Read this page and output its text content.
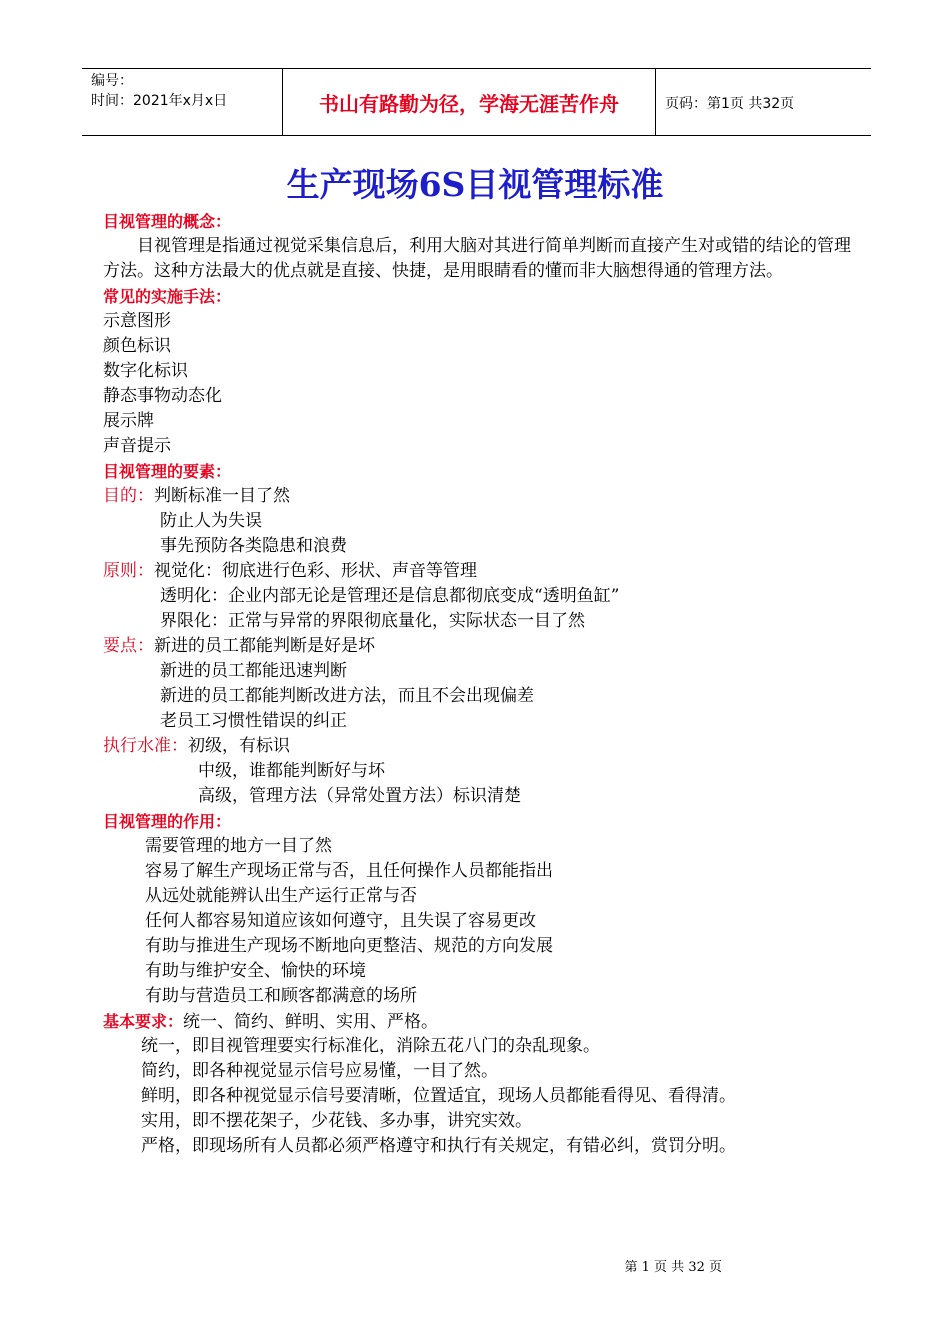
编号：
时间：2021年x月x日	书山有路勤为径，学海无涯苦作舟	页码：第1页 共32页
生产现场6S目视管理标准
目视管理的概念：
目视管理是指通过视觉采集信息后，利用大脑对其进行简单判断而直接产生对或错的结论的管理方法。这种方法最大的优点就是直接、快捷，是用眼睛看的懂而非大脑想得通的管理方法。
常见的实施手法：
示意图形
颜色标识
数字化标识
静态事物动态化
展示牌
声音提示
目视管理的要素：
目的：判断标准一目了然
防止人为失误
事先预防各类隐患和浪费
原则：视觉化：彻底进行色彩、形状、声音等管理
透明化：企业内部无论是管理还是信息都彻底变成“透明鱼缸”
界限化：正常与异常的界限彻底量化，实际状态一目了然
要点：新进的员工都能判断是好是坏
新进的员工都能迅速判断
新进的员工都能判断改进方法，而且不会出现偏差
老员工习惯性错误的纠正
执行水准：初级，有标识
中级，谁都能判断好与坏
高级，管理方法（异常处置方法）标识清楚
目视管理的作用：
需要管理的地方一目了然
容易了解生产现场正常与否，且任何操作人员都能指出
从远处就能辨认出生产运行正常与否
任何人都容易知道应该如何遵守，且失误了容易更改
有助与推进生产现场不断地向更整洁、规范的方向发展
有助与维护安全、愉快的环境
有助与营造员工和顾客都满意的场所
基本要求：统一、简约、鲜明、实用、严格。
统一，即目视管理要实行标准化，消除五花八门的杂乱现象。
简约，即各种视觉显示信号应易懂，一目了然。
鲜明，即各种视觉显示信号要清晰，位置适宜，现场人员都能看得见、看得清。
实用，即不摆花架子，少花钱、多办事，讲究实效。
严格，即现场所有人员都必须严格遵守和执行有关规定，有错必纠，赏罚分明。
第 1 页 共 32 页
